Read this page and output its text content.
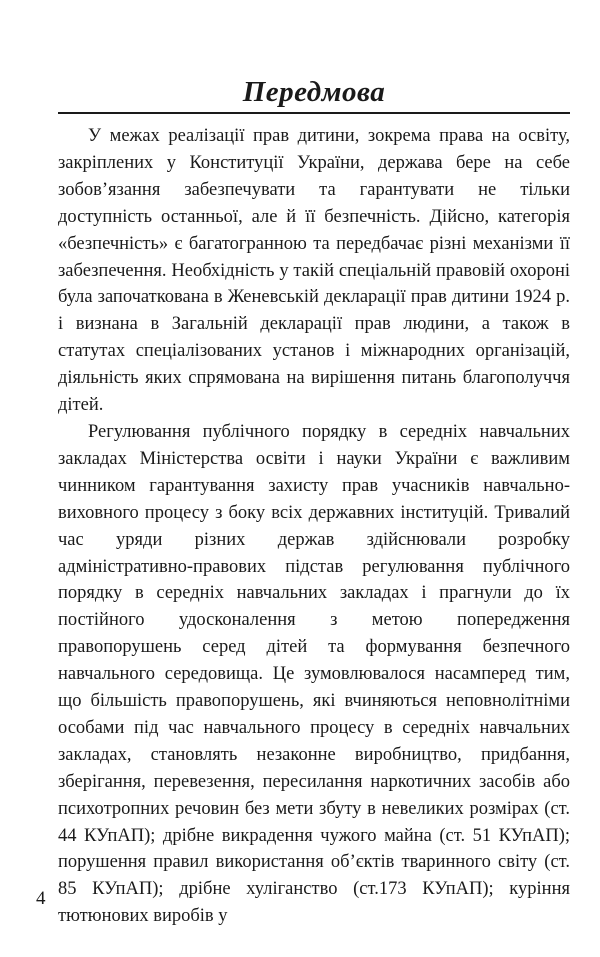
Передмова

У межах реалізації прав дитини, зокрема права на освіту, закріплених у Конституції України, держава бере на себе зобов’язання забезпечувати та гарантувати не тільки доступність останньої, але й її безпечність. Дійсно, категорія «безпечність» є багатогранною та передбачає різні механізми її забезпечення. Необхідність у такій спеціальній правовій охороні була започаткована в Женевській декларації прав дитини 1924 р. і визнана в Загальній декларації прав людини, а також в статутах спеціалізованих установ і міжнародних організацій, діяльність яких спрямована на вирішення питань благополуччя дітей.

Регулювання публічного порядку в середніх навчальних закладах Міністерства освіти і науки України є важливим чинником гарантування захисту прав учасників навчально-виховного процесу з боку всіх державних інституцій. Тривалий час уряди різних держав здійснювали розробку адміністративно-правових підстав регулювання публічного порядку в середніх навчальних закладах і прагнули до їх постійного удосконалення з метою попередження правопорушень серед дітей та формування безпечного навчального середовища. Це зумовлювалося насамперед тим, що більшість правопорушень, які вчиняються неповнолітніми особами під час навчального процесу в середніх навчальних закладах, становлять незаконне виробництво, придбання, зберігання, перевезення, пересилання наркотичних засобів або психотропних речовин без мети збуту в невеликих розмірах (ст. 44 КУпАП); дрібне викрадення чужого майна (ст. 51 КУпАП); порушення правил використання об’єктів тваринного світу (ст. 85 КУпАП); дрібне хуліганство (ст.173 КУпАП); куріння тютюнових виробів у

4
